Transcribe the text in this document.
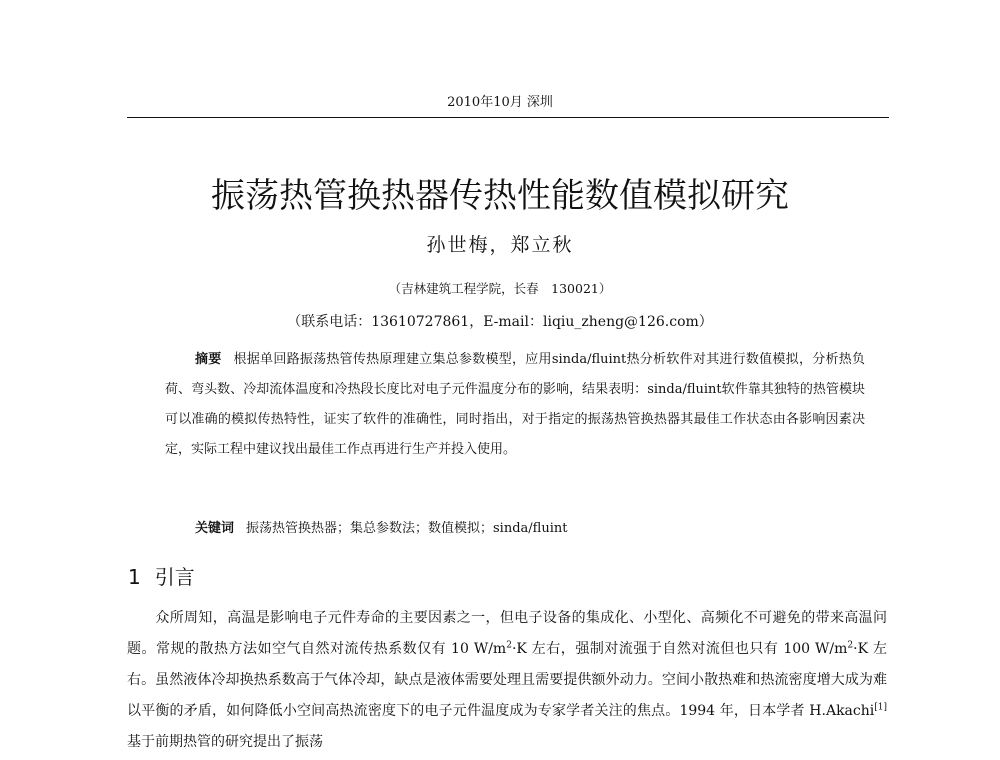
2010年10月 深圳
振荡热管换热器传热性能数值模拟研究
孙世梅，郑立秋
（吉林建筑工程学院，长春　130021）
（联系电话：13610727861，E-mail：liqiu_zheng@126.com）
摘要 根据单回路振荡热管传热原理建立集总参数模型，应用sinda/fluint热分析软件对其进行数值模拟，分析热负荷、弯头数、冷却流体温度和冷热段长度比对电子元件温度分布的影响，结果表明：sinda/fluint软件靠其独特的热管模块可以准确的模拟传热特性，证实了软件的准确性，同时指出，对于指定的振荡热管换热器其最佳工作状态由各影响因素决定，实际工程中建议找出最佳工作点再进行生产并投入使用。
关键词 振荡热管换热器；集总参数法；数值模拟；sinda/fluint
1 引言
众所周知，高温是影响电子元件寿命的主要因素之一，但电子设备的集成化、小型化、高频化不可避免的带来高温问题。常规的散热方法如空气自然对流传热系数仅有 10 $W/m^2\cdot K$ 左右，强制对流强于自然对流但也只有 100 $W/m^2\cdot K$ 左右。虽然液体冷却换热系数高于气体冷却，缺点是液体需要处理且需要提供额外动力。空间小散热难和热流密度增大成为难以平衡的矛盾，如何降低小空间高热流密度下的电子元件温度成为专家学者关注的焦点。1994 年，日本学者 H.Akachi[1]基于前期热管的研究提出了振荡
